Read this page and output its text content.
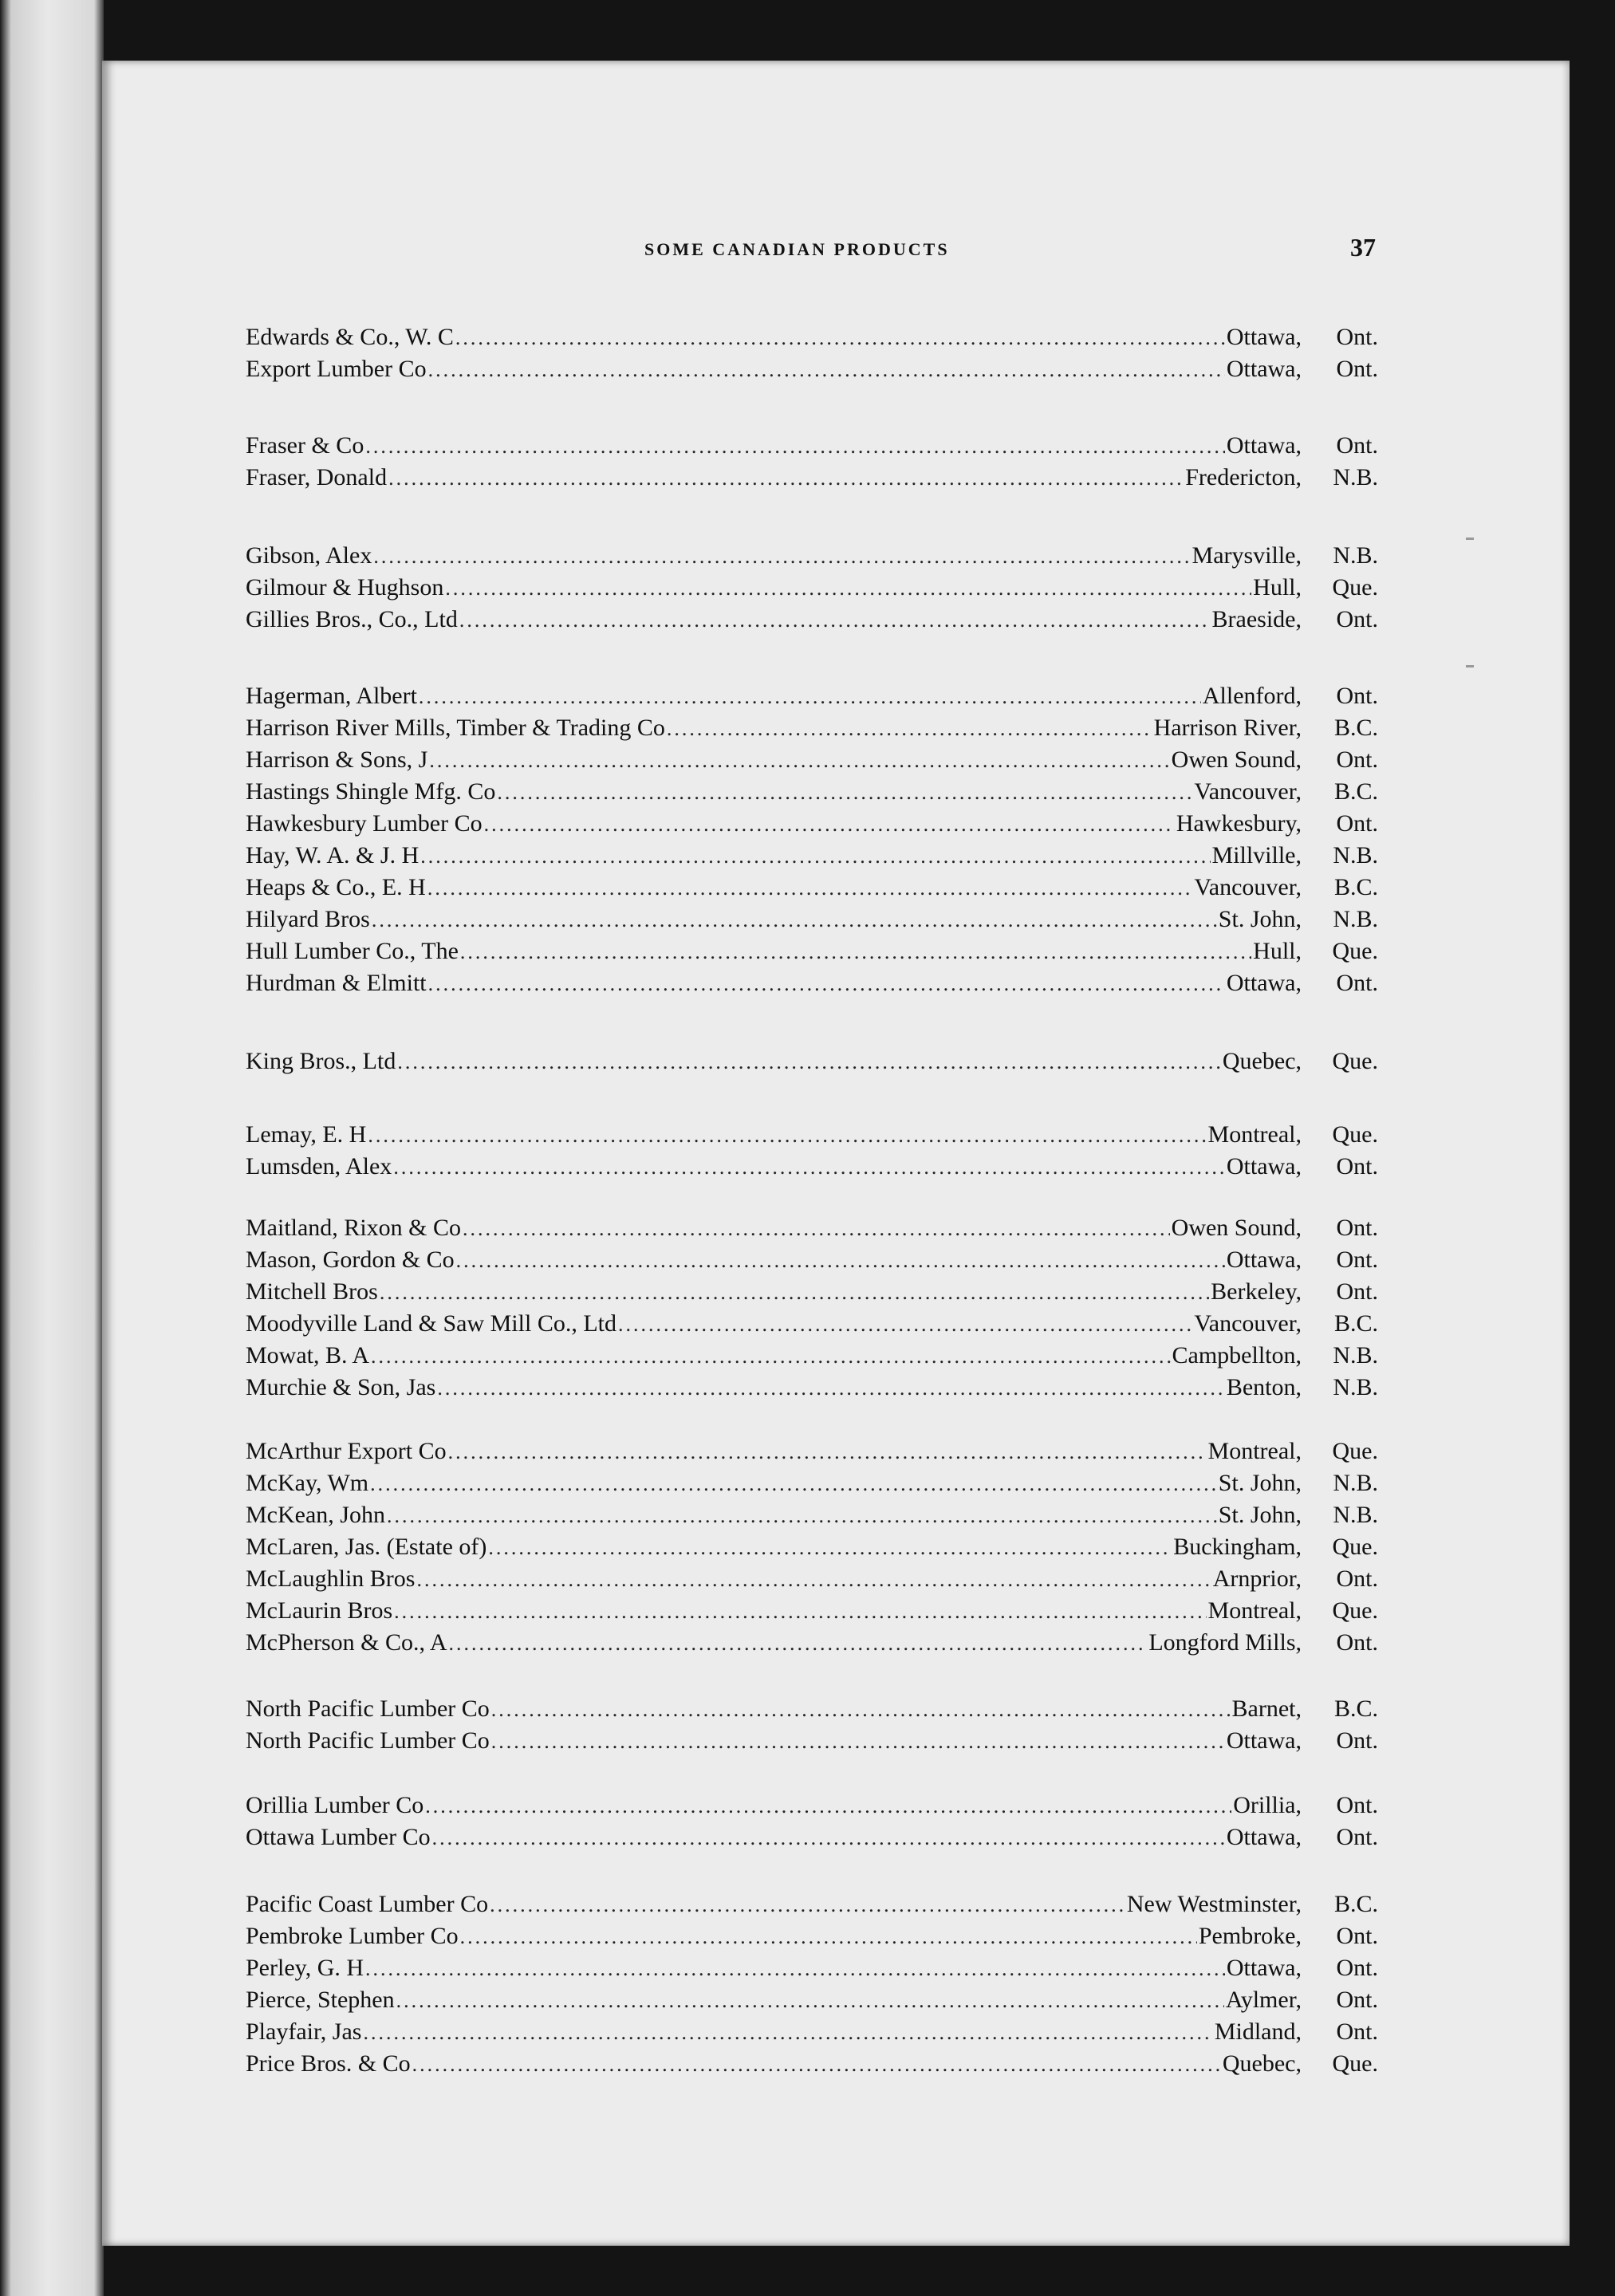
SOME CANADIAN PRODUCTS	37
Edwards & Co., W. C .....	Ottawa,	Ont.
Export Lumber Co .....	Ottawa,	Ont.
Fraser & Co .....	Ottawa,	Ont.
Fraser, Donald .....	Fredericton,	N.B.
Gibson, Alex .....	Marysville,	N.B.
Gilmour & Hughson .....	Hull,	Que.
Gillies Bros., Co., Ltd .....	Braeside,	Ont.
Hagerman, Albert .....	Allenford,	Ont.
Harrison River Mills, Timber & Trading Co .....	Harrison River,	B.C.
Harrison & Sons, J .....	Owen Sound,	Ont.
Hastings Shingle Mfg. Co .....	Vancouver,	B.C.
Hawkesbury Lumber Co .....	Hawkesbury,	Ont.
Hay, W. A. & J. H .....	Millville,	N.B.
Heaps & Co., E. H .....	Vancouver,	B.C.
Hilyard Bros .....	St. John,	N.B.
Hull Lumber Co., The .....	Hull,	Que.
Hurdman & Elmitt .....	Ottawa,	Ont.
King Bros., Ltd .....	Quebec,	Que.
Lemay, E. H .....	Montreal,	Que.
Lumsden, Alex .....	Ottawa,	Ont.
Maitland, Rixon & Co .....	Owen Sound,	Ont.
Mason, Gordon & Co .....	Ottawa,	Ont.
Mitchell Bros .....	Berkeley,	Ont.
Moodyville Land & Saw Mill Co., Ltd .....	Vancouver,	B.C.
Mowat, B. A .....	Campbellton,	N.B.
Murchie & Son, Jas .....	Benton,	N.B.
McArthur Export Co .....	Montreal,	Que.
McKay, Wm .....	St. John,	N.B.
McKean, John .....	St. John,	N.B.
McLaren, Jas. (Estate of) .....	Buckingham,	Que.
McLaughlin Bros .....	Arnprior,	Ont.
McLaurin Bros .....	Montreal,	Que.
McPherson & Co., A .....	Longford Mills,	Ont.
North Pacific Lumber Co .....	Barnet,	B.C.
North Pacific Lumber Co .....	Ottawa,	Ont.
Orillia Lumber Co .....	Orillia,	Ont.
Ottawa Lumber Co .....	Ottawa,	Ont.
Pacific Coast Lumber Co .....	New Westminster,	B.C.
Pembroke Lumber Co .....	Pembroke,	Ont.
Perley, G. H .....	Ottawa,	Ont.
Pierce, Stephen .....	Aylmer,	Ont.
Playfair, Jas .....	Midland,	Ont.
Price Bros. & Co .....	Quebec,	Que.
